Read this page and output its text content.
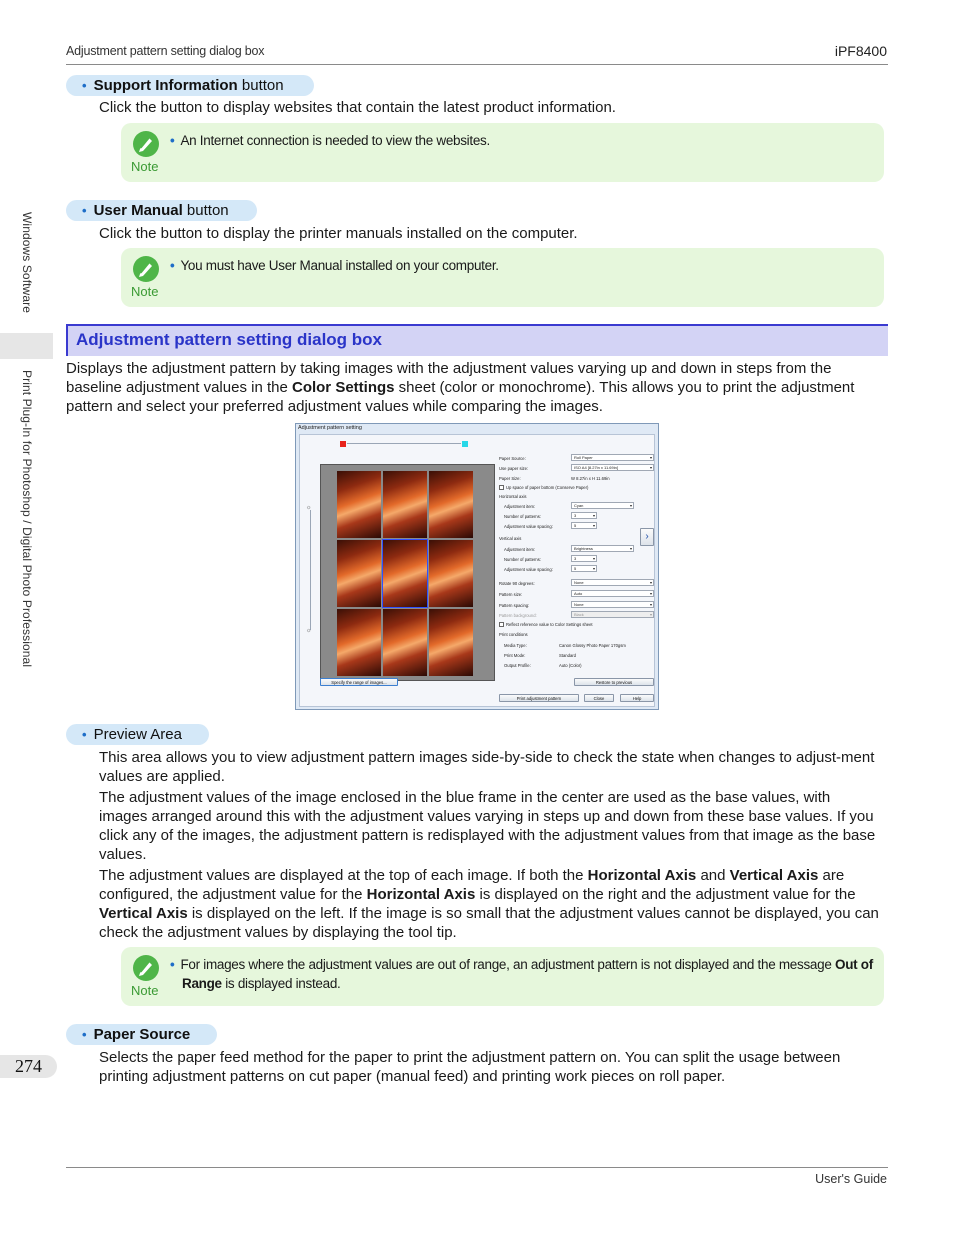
Adjustment pattern setting dialog box	iPF8400
Windows Software
Print Plug-In for Photoshop / Digital Photo Professional
274
• Support Information button
Click the button to display websites that contain the latest product information.
Note
• An Internet connection is needed to view the websites.
• User Manual button
Click the button to display the printer manuals installed on the computer.
Note
• You must have User Manual installed on your computer.
Adjustment pattern setting dialog box
Displays the adjustment pattern by taking images with the adjustment values varying up and down in steps from the baseline adjustment values in the Color Settings sheet (color or monochrome). This allows you to print the adjustment pattern and select your preferred adjustment values while comparing the images.
Adjustment pattern setting
☼
☼
Paper Source:	Roll Paper ▾
Use paper size:	ISO A4 [8.27in x 11.69in] ▾
Paper Size:	W 8.27in x H 11.69in
Up space of paper bottom (Conserve Paper)
Horizontal axis
Adjustment item:	Cyan ▾
Number of patterns:	3 ▾
Adjustment value spacing:	5 ▾
›
Vertical axis
Adjustment item:	Brightness ▾
Number of patterns:	3 ▾
Adjustment value spacing:	5 ▾
Rotate 90 degrees:	None ▾
Pattern size:	Auto ▾
Pattern spacing:	None ▾
Pattern background:	Black ▾
Reflect reference value to Color Settings sheet
Print conditions
Media Type:	Canon Glossy Photo Paper 170gsm
Print Mode:	Standard
Output Profile:	Auto (Color)
Specify the range of images...	Restore to previous
Print adjustment pattern	Close	Help
• Preview Area
This area allows you to view adjustment pattern images side-by-side to check the state when changes to adjust-ment values are applied.
The adjustment values of the image enclosed in the blue frame in the center are used as the base values, with images arranged around this with the adjustment values varying in steps up and down from these base values. If you click any of the images, the adjustment pattern is redisplayed with the adjustment values from that image as the base values.
The adjustment values are displayed at the top of each image. If both the Horizontal Axis and Vertical Axis are configured, the adjustment value for the Horizontal Axis is displayed on the right and the adjustment value for the Vertical Axis is displayed on the left. If the image is so small that the adjustment values cannot be displayed, you can check the adjustment values by displaying the tool tip.
Note
• For images where the adjustment values are out of range, an adjustment pattern is not displayed and the message Out of Range is displayed instead.
• Paper Source
Selects the paper feed method for the paper to print the adjustment pattern on. You can split the usage between printing adjustment patterns on cut paper (manual feed) and printing work pieces on roll paper.
User's Guide
